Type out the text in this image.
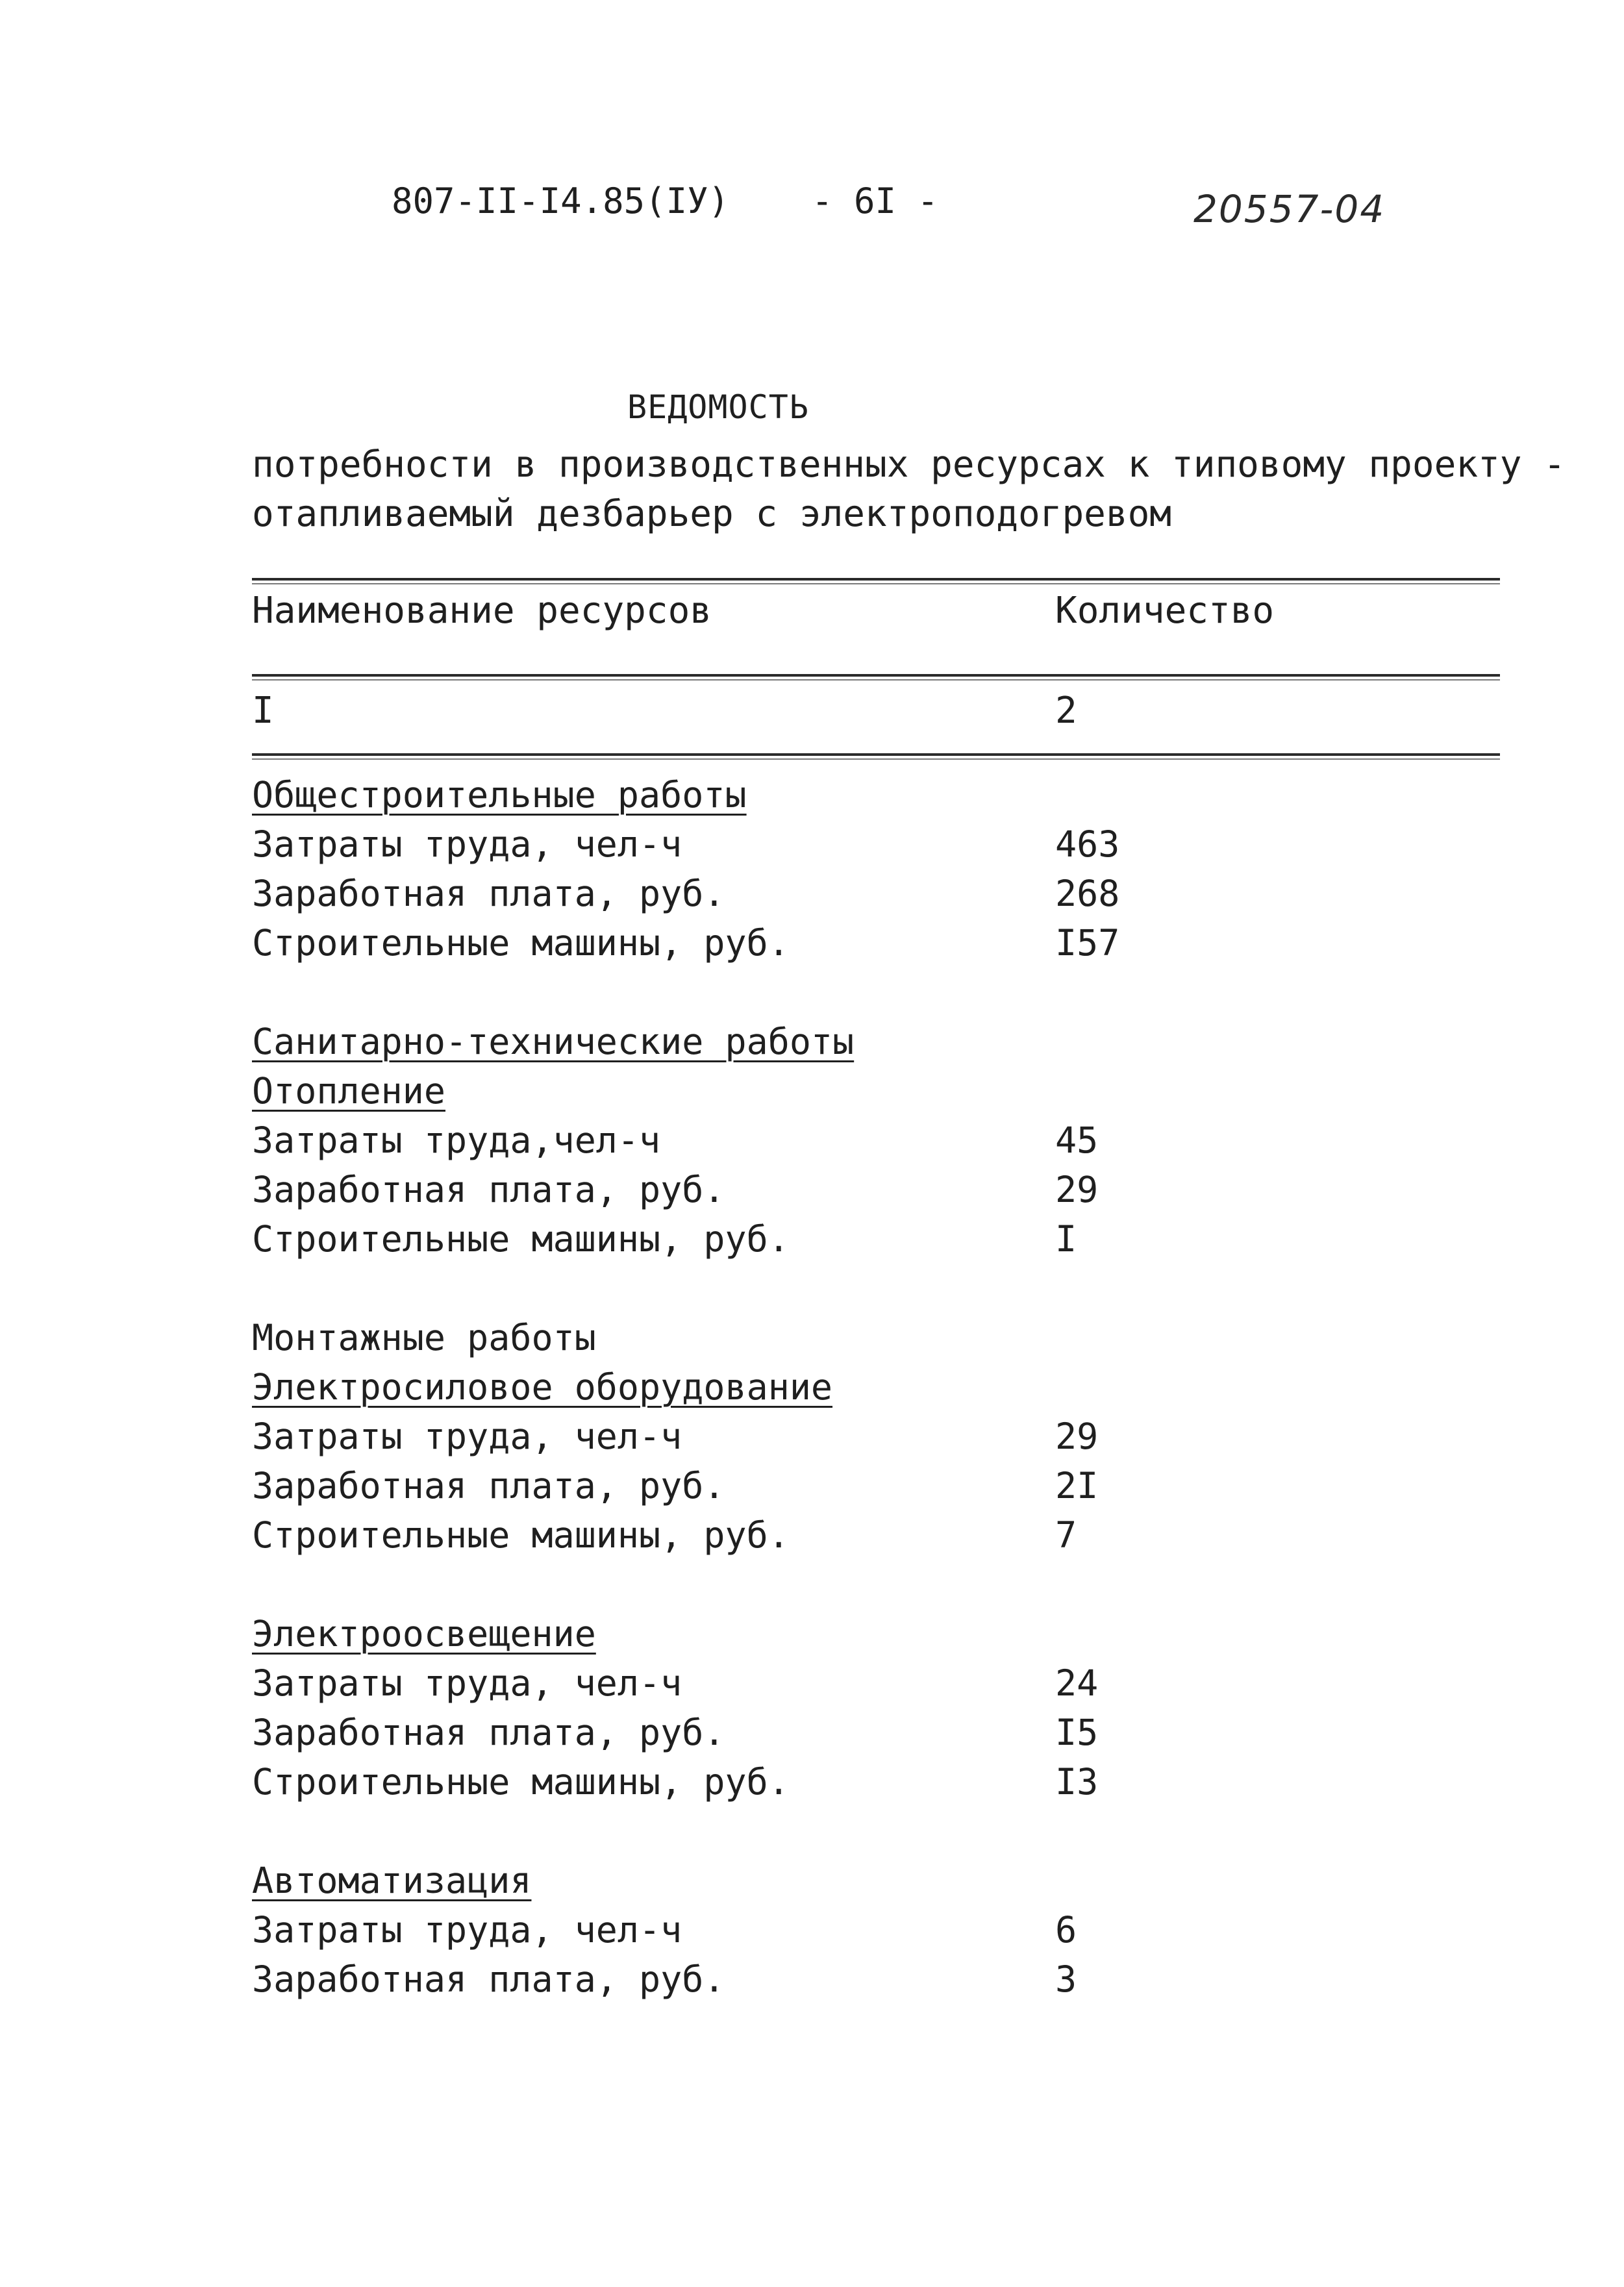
807-II-I4.85(IУ) - 6I -	20557-04
ВЕДОМОСТЬ
потребности в производственных ресурсах к типовому проекту -
отапливаемый дезбарьер с электроподогревом
Наименование ресурсов	Количество
I	2
Общестроительные работы
Затраты труда, чел-ч	463
Заработная плата, руб.	268
Строительные машины, руб.	I57
Санитарно-технические работы
Отопление
Затраты труда,чел-ч	45
Заработная плата, руб.	29
Строительные машины, руб.	I
Монтажные работы
Электросиловое оборудование
Затраты труда, чел-ч	29
Заработная плата, руб.	2I
Строительные машины, руб.	7
Электроосвещение
Затраты труда, чел-ч	24
Заработная плата, руб.	I5
Строительные машины, руб.	I3
Автоматизация
Затраты труда, чел-ч	6
Заработная плата, руб.	3
